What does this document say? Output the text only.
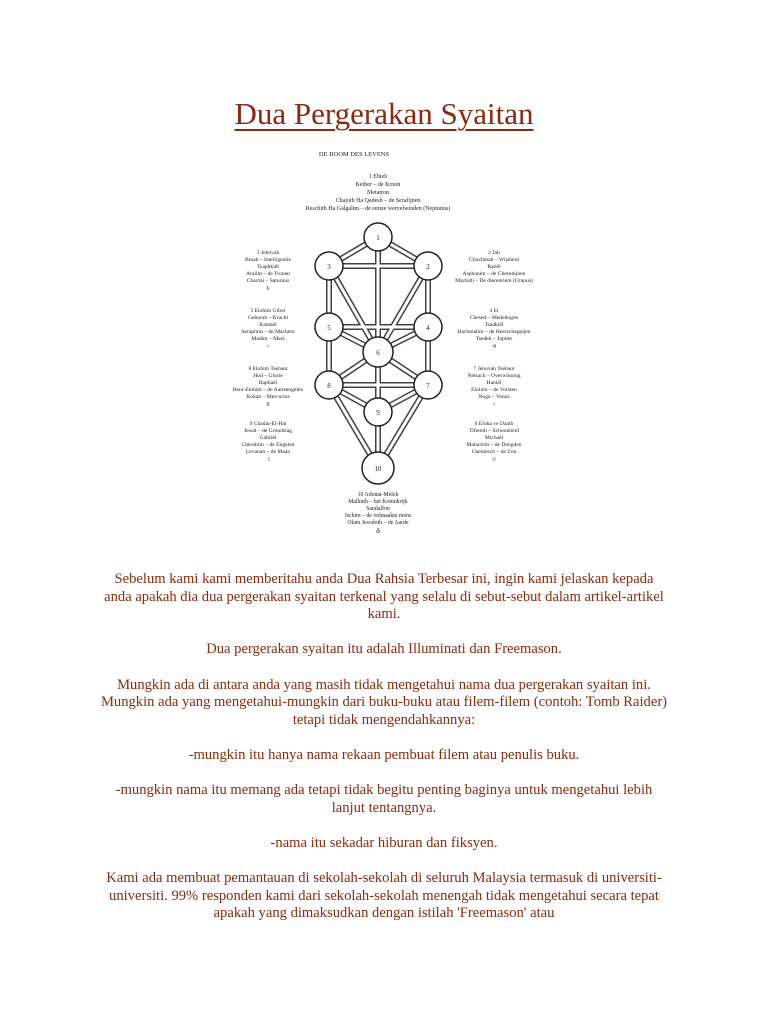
Dua Pergerakan Syaitan
DE BOOM DES LEVENS
1 Ehieh
Kether – de Kroon
Metatron
Chajoth Ha Qadesh – de Serafijnen
Reschith Ha Galgalim – de eerste wervelwinden (Neptunus)
1
2
3
4
5
6
7
8
9
10
3 Jehovah
Binah – Intelligentie
Tsaphkiël
Aralim – de Tronen
Chavtai – Saturnus
♄
5 Elohim Gibor
Geburah – Kracht
Kamaël
Seraphim – de Machten
Madim – Mars
♂
8 Elohim Tsebaot
Hod – Glorie
Raphaël
Beni-Elohim – de Aartsengelen
Kokab – Mercurius
☿
9 Chadai-El-Hai
Jesod – de Grondslag
Gabriël
Cherubim – de Engelen
Levanah – de Maan
☽
2 Jah
Chochmah – Wijsheid
Ratiël
Asphanim – de Cherubijnen
Mazloth – De dierenriem (Uranus)
4 El
Chesed – Mededogen
Tsadkiël
Hachmalim – de Heerschappijen
Tsedek – Jupiter
♃
7 Jehovah Tsebaot
Netsach – Overwinning
Haniël
Elohim – de Vorsten
Noga – Venus
♀
6 Eloha ve Daath
Tifereth – Schoonheid
Michaël
Malachim – de Deugden
Chemesch – de Zon
☉
10 Adonai-Melek
Malkuth – het Koninkrijk
Sandalfon
Ischim – de volmaakte mens
Olam Jesodoth – de Aarde
♁

Sebelum kami kami memberitahu anda Dua Rahsia Terbesar ini, ingin kami jelaskan kepada anda apakah dia dua pergerakan syaitan terkenal yang selalu di sebut-sebut dalam artikel-artikel kami.

Dua pergerakan syaitan itu adalah Illuminati dan Freemason.

Mungkin ada di antara anda yang masih tidak mengetahui nama dua pergerakan syaitan ini. Mungkin ada yang mengetahui-mungkin dari buku-buku atau filem-filem (contoh: Tomb Raider) tetapi tidak mengendahkannya:

-mungkin itu hanya nama rekaan pembuat filem atau penulis buku.

-mungkin nama itu memang ada tetapi tidak begitu penting baginya untuk mengetahui lebih lanjut tentangnya.

-nama itu sekadar hiburan dan fiksyen.

Kami ada membuat pemantauan di sekolah-sekolah di seluruh Malaysia termasuk di universiti-universiti. 99% responden kami dari sekolah-sekolah menengah tidak mengetahui secara tepat apakah yang dimaksudkan dengan istilah 'Freemason' atau
